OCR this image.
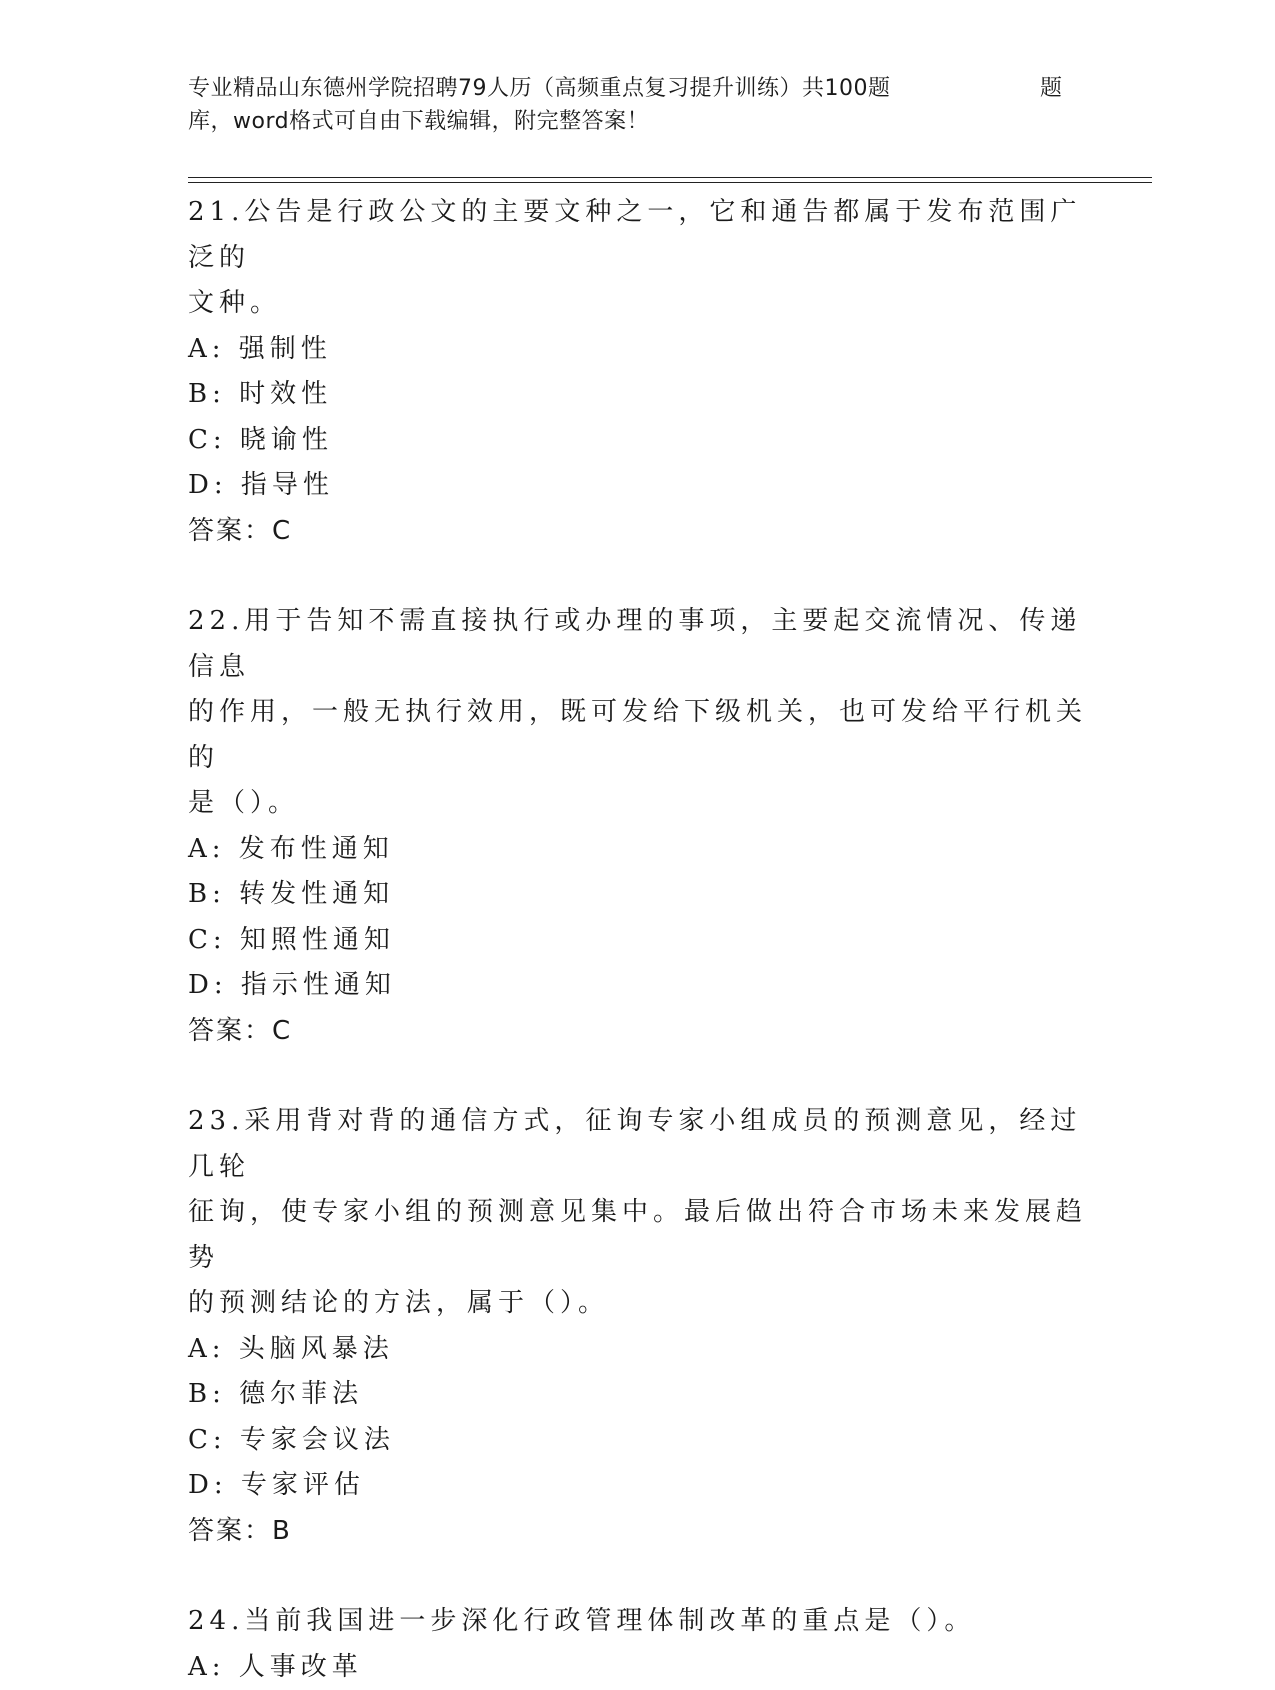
专业精品山东德州学院招聘79人历（高频重点复习提升训练）共100题	题
库，word格式可自由下载编辑，附完整答案！

21.公告是行政公文的主要文种之一，它和通告都属于发布范围广泛的
文种。

A: 强制性
B: 时效性
C: 晓谕性
D: 指导性
答案：C

22.用于告知不需直接执行或办理的事项，主要起交流情况、传递信息
的作用，一般无执行效用，既可发给下级机关，也可发给平行机关的
是（）。

A: 发布性通知
B: 转发性通知
C: 知照性通知
D: 指示性通知
答案：C

23.采用背对背的通信方式，征询专家小组成员的预测意见，经过几轮
征询，使专家小组的预测意见集中。最后做出符合市场未来发展趋势
的预测结论的方法，属于（）。

A: 头脑风暴法
B: 德尔菲法
C: 专家会议法
D: 专家评估
答案：B

24.当前我国进一步深化行政管理体制改革的重点是（）。

A: 人事改革
